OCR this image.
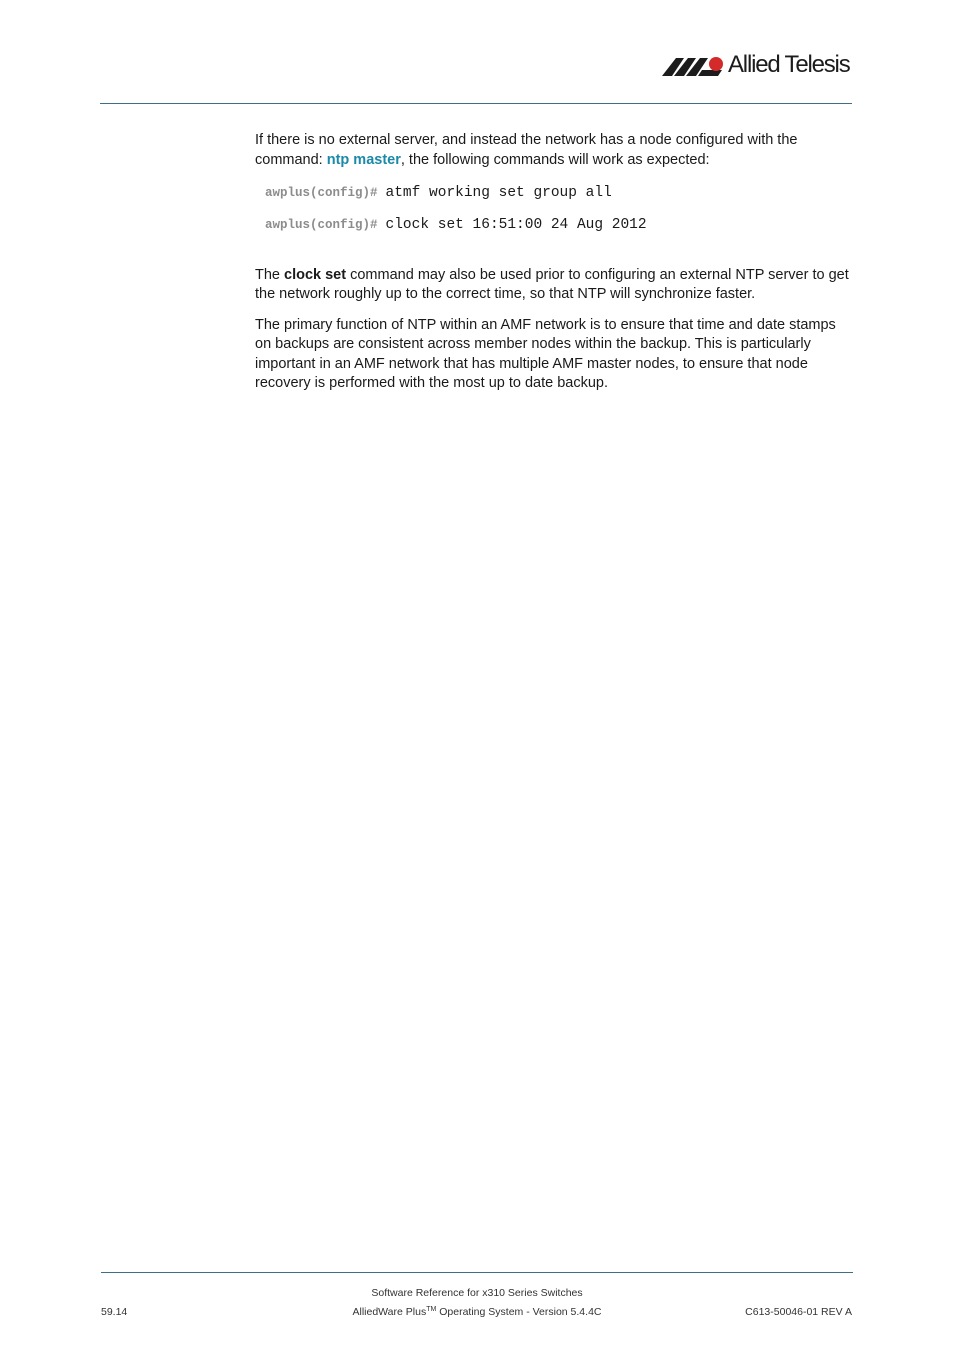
Allied Telesis

If there is no external server, and instead the network has a node configured with the command: ntp master, the following commands will work as expected:

awplus(config)# atmf working set group all
awplus(config)# clock set 16:51:00 24 Aug 2012

The clock set command may also be used prior to configuring an external NTP server to get the network roughly up to the correct time, so that NTP will synchronize faster.

The primary function of NTP within an AMF network is to ensure that time and date stamps on backups are consistent across member nodes within the backup. This is particularly important in an AMF network that has multiple AMF master nodes, to ensure that node recovery is performed with the most up to date backup.

59.14
Software Reference for x310 Series Switches
AlliedWare Plus™ Operating System - Version 5.4.4C	C613-50046-01 REV A
